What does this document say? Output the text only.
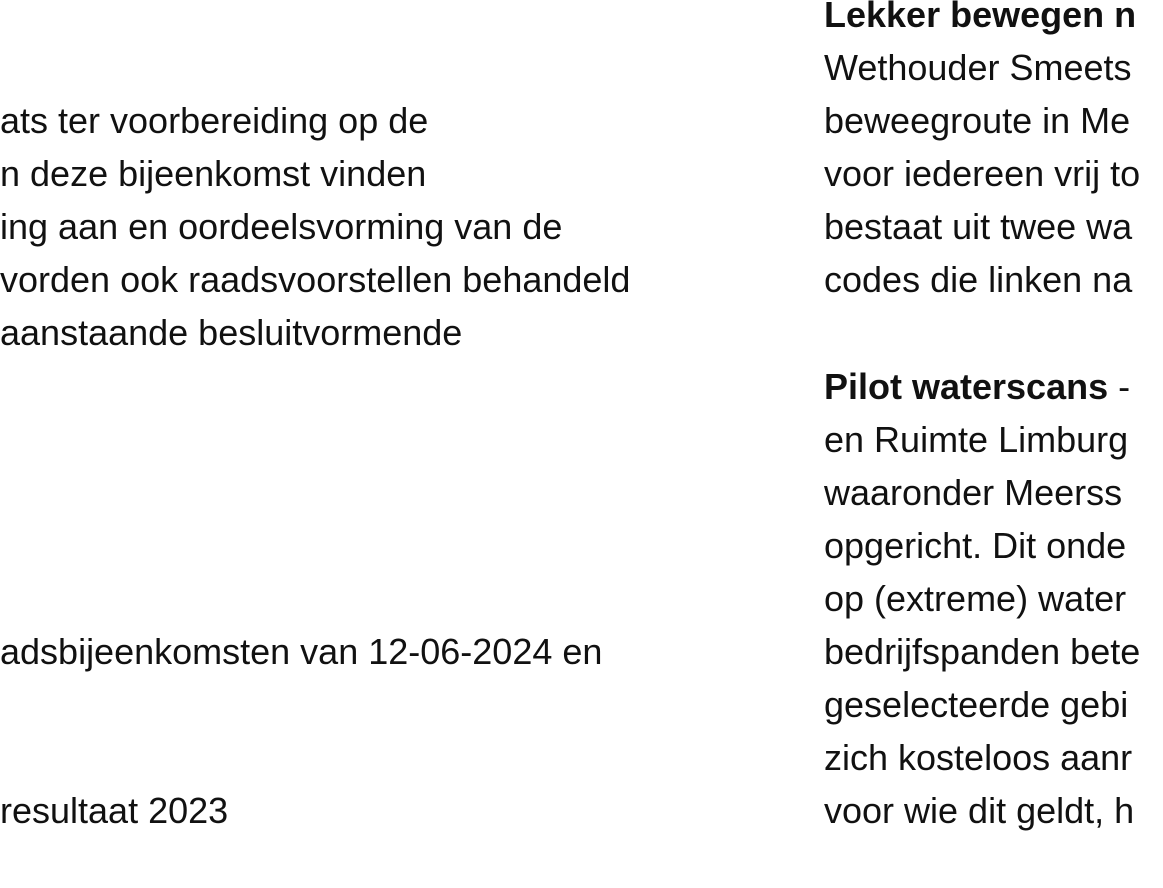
ats ter voorbereiding op de

n deze bijeenkomst vinden

ing aan en oordeelsvorming van de

vorden ook raadsvoorstellen behandeld

aanstaande besluitvormende

adsbijeenkomsten van 12-06-2024 en

resultaat 2023

Lekker bewegen n

Wethouder Smeets

beweegroute in Me

voor iedereen vrij to

bestaat uit twee wa

codes die linken na

Pilot waterscans -

en Ruimte Limburg

waaronder Meerss

opgericht. Dit onde

op (extreme) water

bedrijfspanden bete

geselecteerde gebi

zich kosteloos aanr

voor wie dit geldt, h
